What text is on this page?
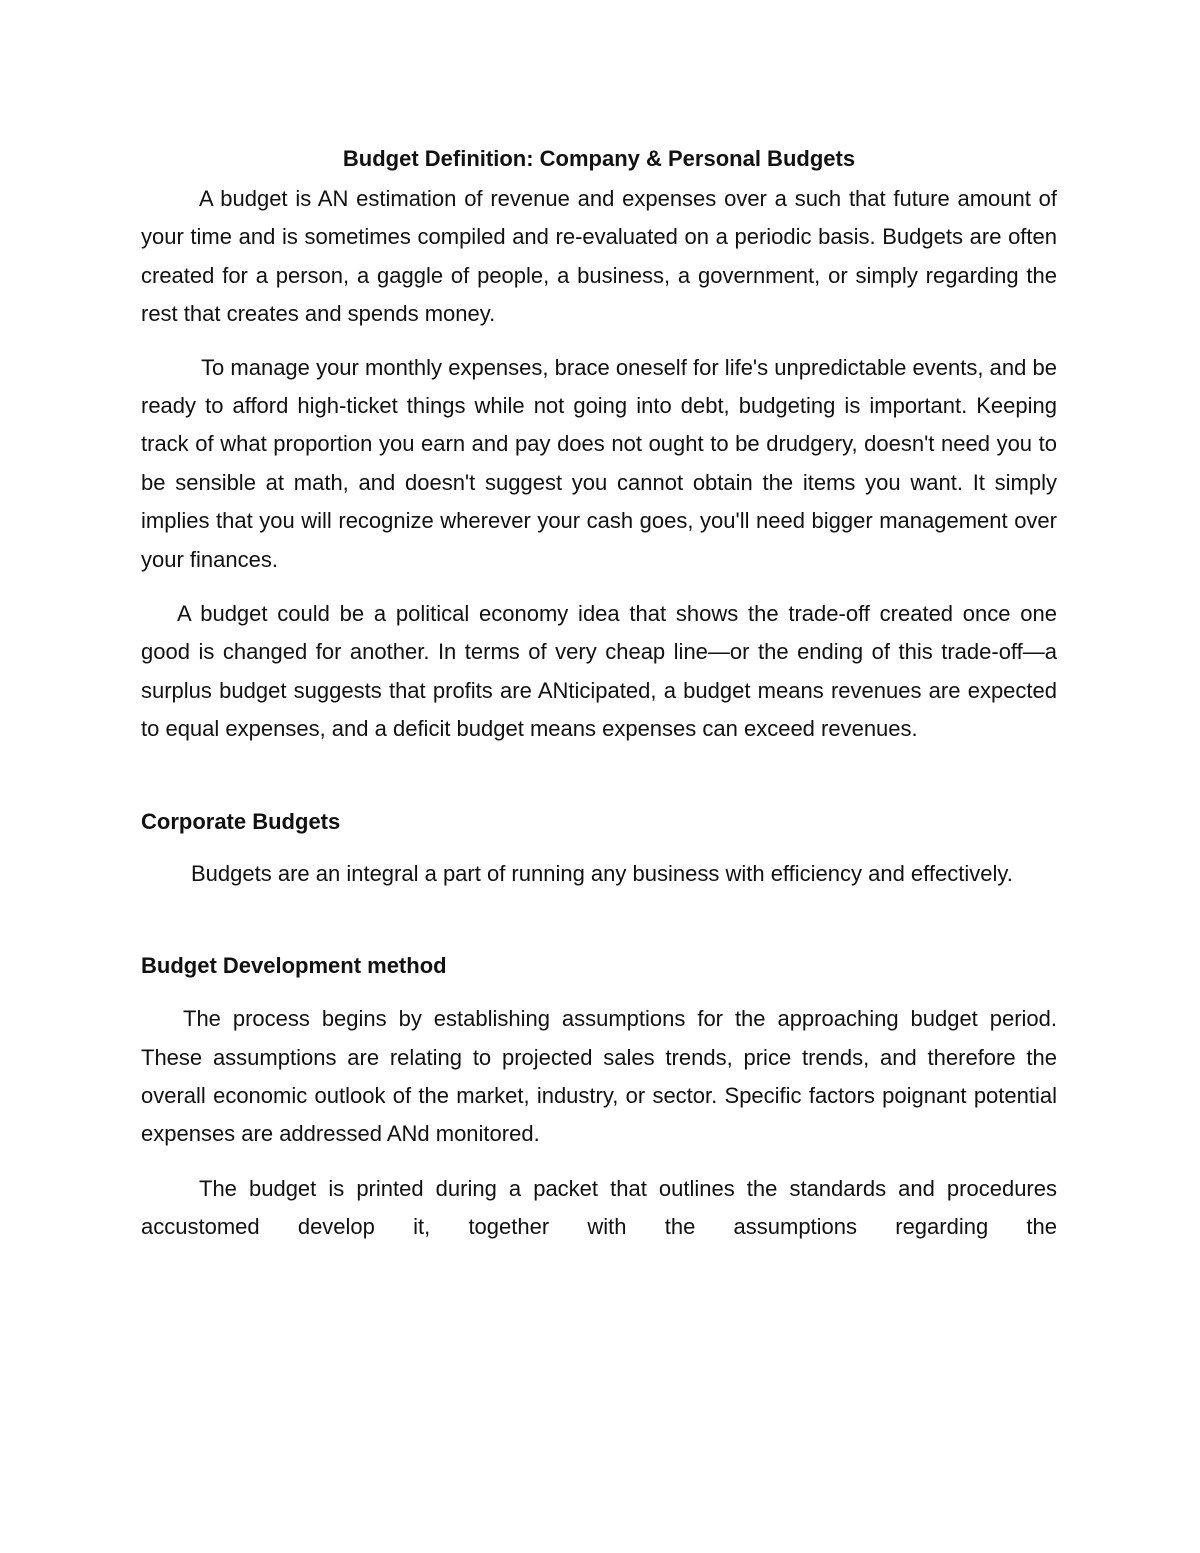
Budget Definition: Company & Personal Budgets

A budget is AN estimation of revenue and expenses over a such that future amount of your time and is sometimes compiled and re-evaluated on a periodic basis. Budgets are often created for a person, a gaggle of people, a business, a government, or simply regarding the rest that creates and spends money.

To manage your monthly expenses, brace oneself for life's unpredictable events, and be ready to afford high-ticket things while not going into debt, budgeting is important. Keeping track of what proportion you earn and pay does not ought to be drudgery, doesn't need you to be sensible at math, and doesn't suggest you cannot obtain the items you want. It simply implies that you will recognize wherever your cash goes, you'll need bigger management over your finances.

A budget could be a political economy idea that shows the trade-off created once one good is changed for another. In terms of very cheap line—or the ending of this trade-off—a surplus budget suggests that profits are ANticipated, a budget means revenues are expected to equal expenses, and a deficit budget means expenses can exceed revenues.

Corporate Budgets

Budgets are an integral a part of running any business with efficiency and effectively.

Budget Development method

The process begins by establishing assumptions for the approaching budget period. These assumptions are relating to projected sales trends, price trends, and therefore the overall economic outlook of the market, industry, or sector. Specific factors poignant potential expenses are addressed ANd monitored.

The budget is printed during a packet that outlines the standards and procedures accustomed develop it, together with the assumptions regarding the
